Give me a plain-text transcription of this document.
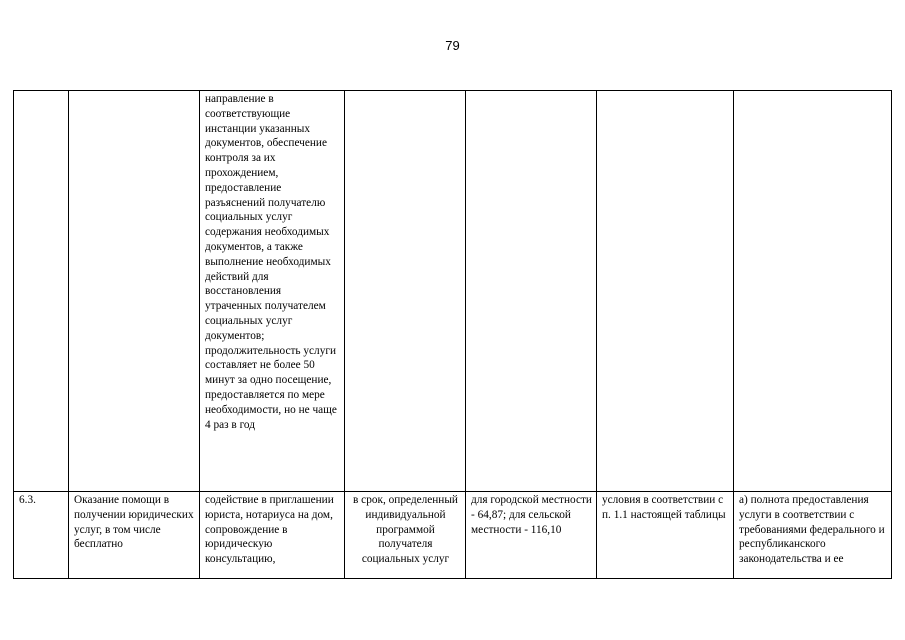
79
		направление в соответствующие инстанции указанных документов, обеспечение контроля за их прохождением, предоставление разъяснений получателю социальных услуг содержания необходимых документов, а также выполнение необходимых действий для восстановления утраченных получателем социальных услуг документов; продолжительность услуги составляет не более 50 минут за одно посещение, предоставляется по мере необходимости, но не чаще 4 раз в год				
6.3.	Оказание помощи в получении юридических услуг, в том числе бесплатно	содействие в приглашении юриста, нотариуса на дом, сопровождение в юридическую консультацию,	в срок, определенный индивидуальной программой получателя социальных услуг	для городской местности - 64,87; для сельской местности - 116,10	условия в соответствии с п. 1.1 настоящей таблицы	а) полнота предоставления услуги в соответствии с требованиями федерального и республиканского законодательства и ее
